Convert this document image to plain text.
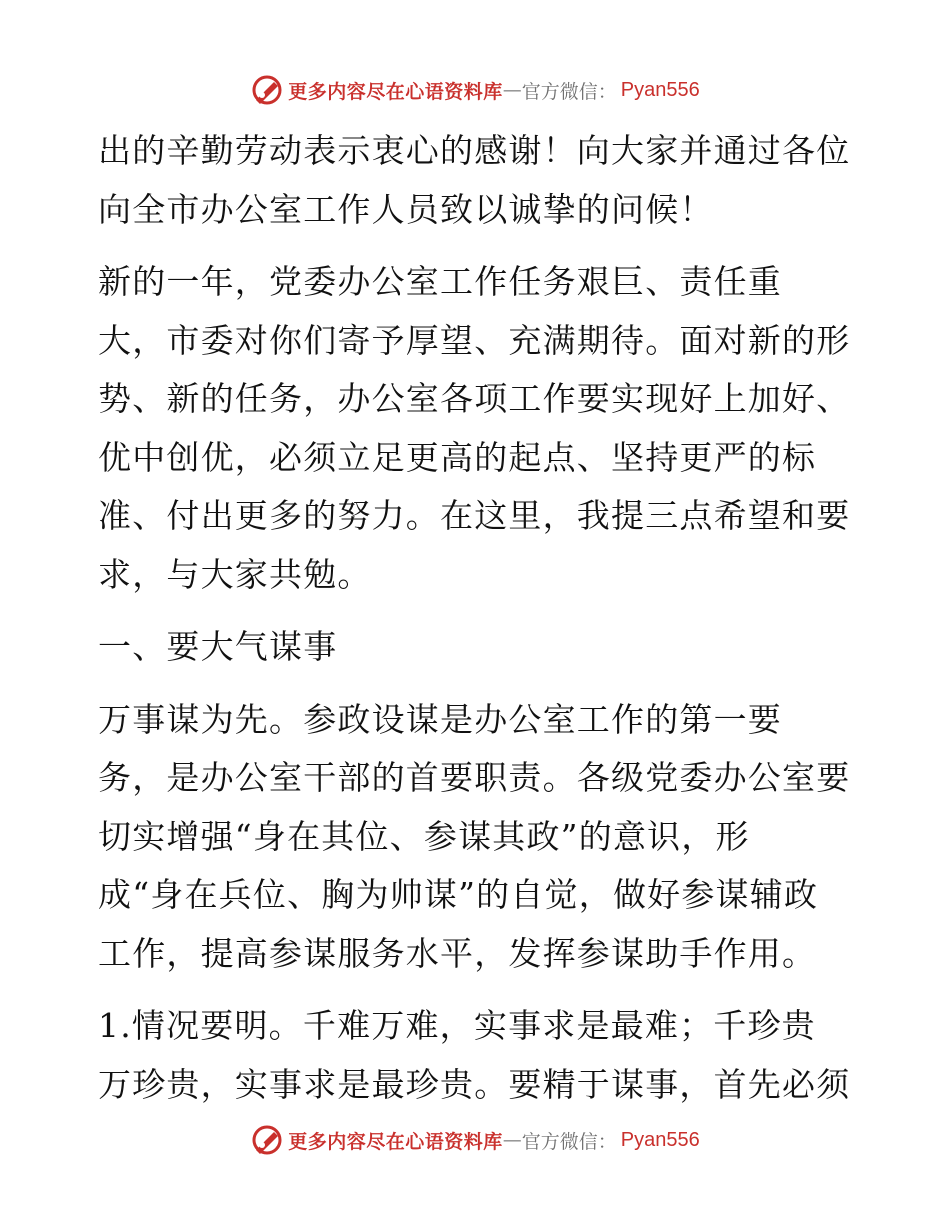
更多内容尽在心语资料库 — 官方微信： Pyan556
出的辛勤劳动表示衷心的感谢！向大家并通过各位
向全市办公室工作人员致以诚挚的问候！
新的一年，党委办公室工作任务艰巨、责任重
大，市委对你们寄予厚望、充满期待。面对新的形
势、新的任务，办公室各项工作要实现好上加好、
优中创优，必须立足更高的起点、坚持更严的标
准、付出更多的努力。在这里，我提三点希望和要
求，与大家共勉。
一、要大气谋事
万事谋为先。参政设谋是办公室工作的第一要
务，是办公室干部的首要职责。各级党委办公室要
切实增强“身在其位、参谋其政”的意识，形
成“身在兵位、胸为帅谋”的自觉，做好参谋辅政
工作，提高参谋服务水平，发挥参谋助手作用。
1.情况要明。千难万难，实事求是最难；千珍贵
万珍贵，实事求是最珍贵。要精于谋事，首先必须
更多内容尽在心语资料库 — 官方微信： Pyan556
